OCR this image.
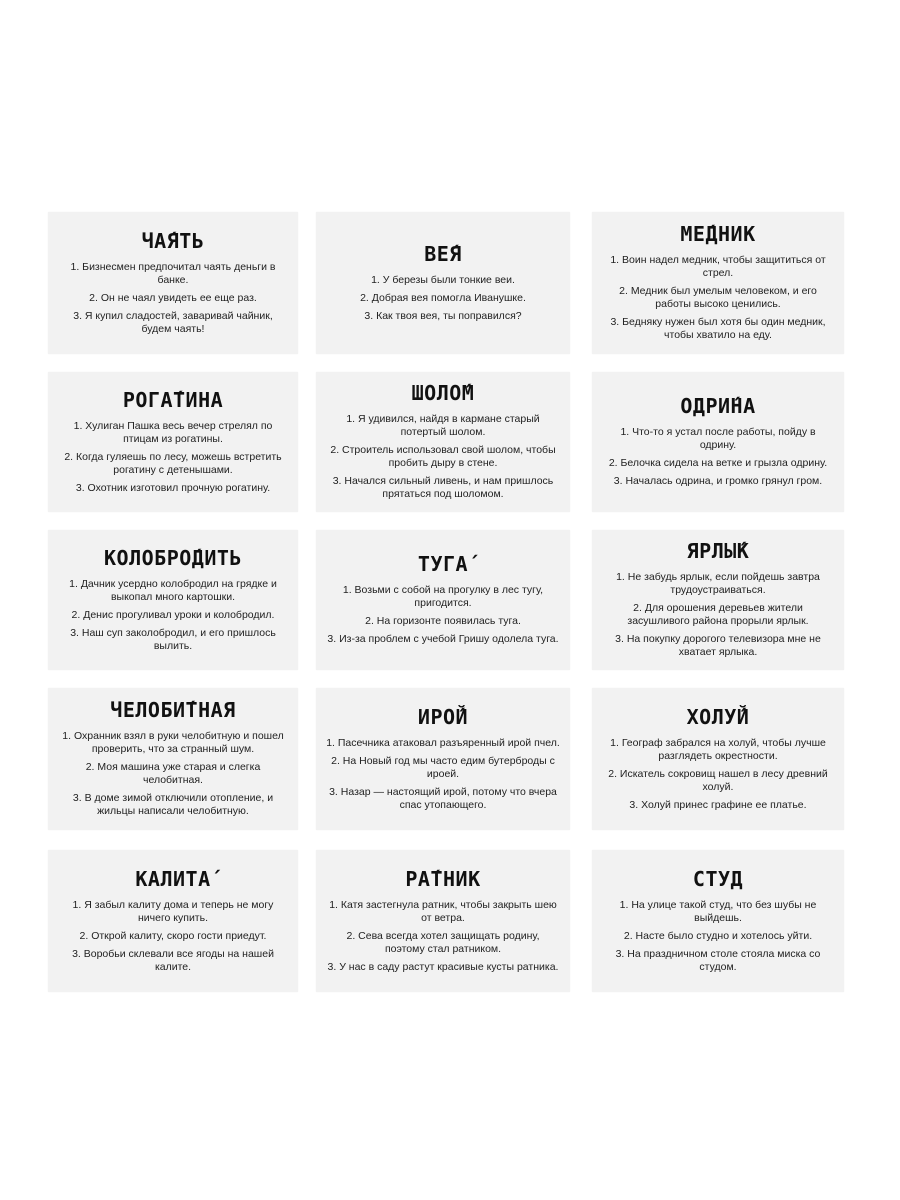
ЧА́ЯТЬ
1. Бизнесмен предпочитал чаять деньги в банке.
2. Он не чаял увидеть ее еще раз.
3. Я купил сладостей, заваривай чайник, будем чаять!
ВЕ́Я
1. У березы были тонкие веи.
2. Добрая вея помогла Иванушке.
3. Как твоя вея, ты поправился?
МЕ́ДНИК
1. Воин надел медник, чтобы защититься от стрел.
2. Медник был умелым человеком, и его работы высоко ценились.
3. Бедняку нужен был хотя бы один медник, чтобы хватило на еду.
РОГА́ТИНА
1. Хулиган Пашка весь вечер стрелял по птицам из рогатины.
2. Когда гуляешь по лесу, можешь встретить рогатину с детенышами.
3. Охотник изготовил прочную рогатину.
ШОЛО́М
1. Я удивился, найдя в кармане старый потертый шолом.
2. Строитель использовал свой шолом, чтобы пробить дыру в стене.
3. Начался сильный ливень, и нам пришлось прятаться под шоломом.
ОДРИ́НА
1. Что-то я устал после работы, пойду в одрину.
2. Белочка сидела на ветке и грызла одрину.
3. Началась одрина, и громко грянул гром.
КОЛОБРО́ДИТЬ
1. Дачник усердно колобродил на грядке и выкопал много картошки.
2. Денис прогуливал уроки и колобродил.
3. Наш суп заколобродил, и его пришлось вылить.
ТУГА́
1. Возьми с собой на прогулку в лес тугу, пригодится.
2. На горизонте появилась туга.
3. Из-за проблем с учебой Гришу одолела туга.
ЯРЛЫ́К
1. Не забудь ярлык, если пойдешь завтра трудоустраиваться.
2. Для орошения деревьев жители засушливого района прорыли ярлык.
3. На покупку дорогого телевизора мне не хватает ярлыка.
ЧЕЛОБИ́ТНАЯ
1. Охранник взял в руки челобитную и пошел проверить, что за странный шум.
2. Моя машина уже старая и слегка челобитная.
3. В доме зимой отключили отопление, и жильцы написали челобитную.
ИРО́Й
1. Пасечника атаковал разъяренный ирой пчел.
2. На Новый год мы часто едим бутерброды с ироей.
3. Назар — настоящий ирой, потому что вчера спас утопающего.
ХОЛУ́Й
1. Географ забрался на холуй, чтобы лучше разглядеть окрестности.
2. Искатель сокровищ нашел в лесу древний холуй.
3. Холуй принес графине ее платье.
КАЛИТА́
1. Я забыл калиту дома и теперь не могу ничего купить.
2. Открой калиту, скоро гости приедут.
3. Воробьи склевали все ягоды на нашей калите.
РА́ТНИК
1. Катя застегнула ратник, чтобы закрыть шею от ветра.
2. Сева всегда хотел защищать родину, поэтому стал ратником.
3. У нас в саду растут красивые кусты ратника.
СТУД
1. На улице такой студ, что без шубы не выйдешь.
2. Насте было студно и хотелось уйти.
3. На праздничном столе стояла миска со студом.
